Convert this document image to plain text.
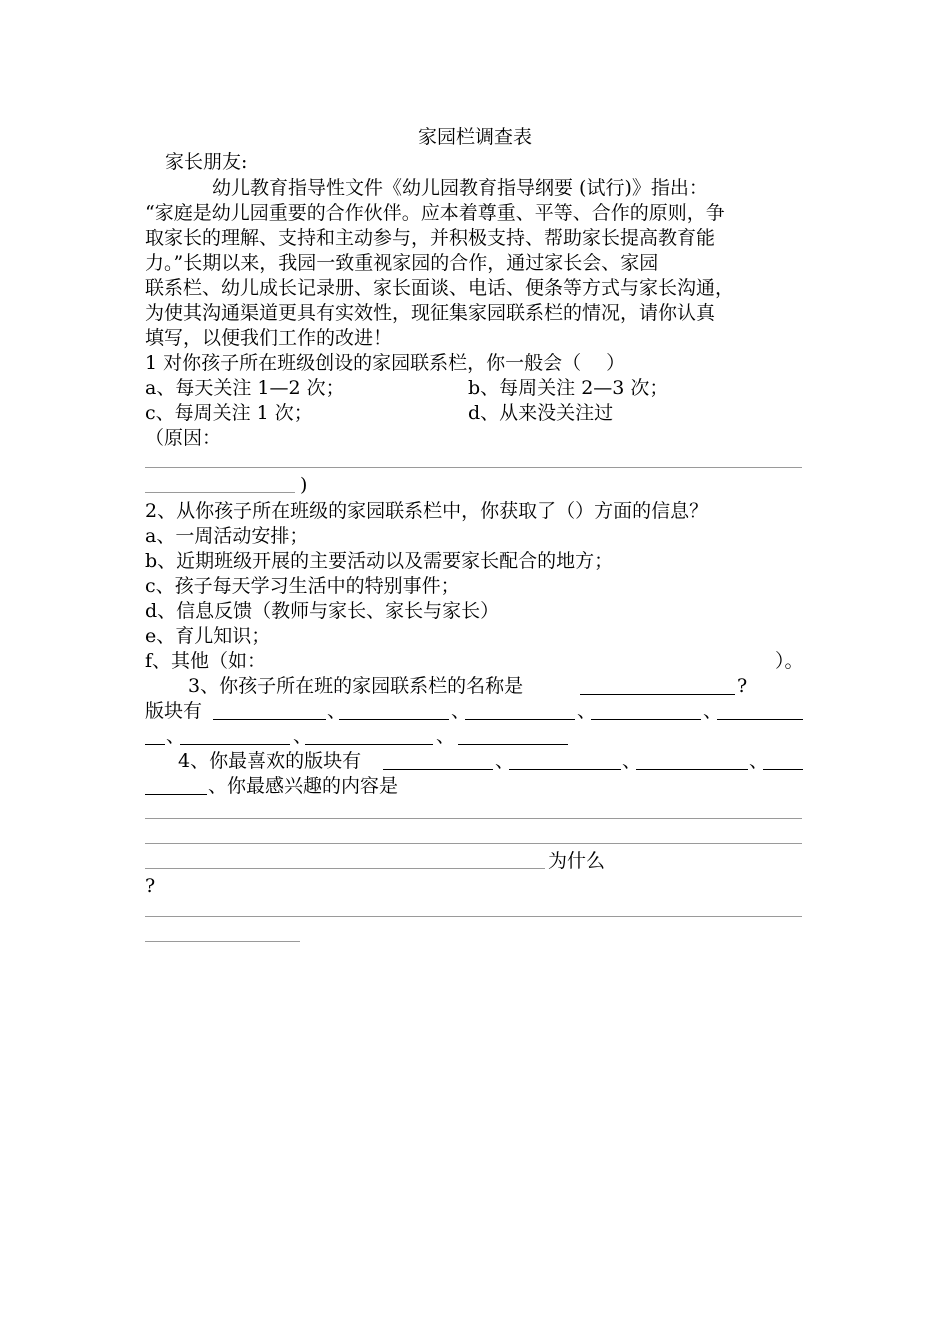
家园栏调查表
家长朋友:
幼儿教育指导性文件《幼儿园教育指导纲要 (试行)》指出：
“家庭是幼儿园重要的合作伙伴。应本着尊重、平等、合作的原则，争
取家长的理解、支持和主动参与，并积极支持、帮助家长提高教育能
力。”长期以来，我园一致重视家园的合作，通过家长会、家园
联系栏、幼儿成长记录册、家长面谈、电话、便条等方式与家长沟通，
为使其沟通渠道更具有实效性，现征集家园联系栏的情况，请你认真
填写，以便我们工作的改进！
1 对你孩子所在班级创设的家园联系栏，你一般会（　 ）
a、每天关注 1—2 次；	b、每周关注 2—3 次；
c、每周关注 1 次；	d、从来没关注过
（原因：
)
2、从你孩子所在班级的家园联系栏中，你获取了（）方面的信息？
a、一周活动安排；
b、近期班级开展的主要活动以及需要家长配合的地方；
c、孩子每天学习生活中的特别事件；
d、信息反馈（教师与家长、家长与家长）
e、育儿知识；
f、其他（如：	）。
3、你孩子所在班的家园联系栏的名称是	?
版块有	、	、	、	、
、	、	、
4、你最喜欢的版块有	、	、	、
、你最感兴趣的内容是
为什么
?
